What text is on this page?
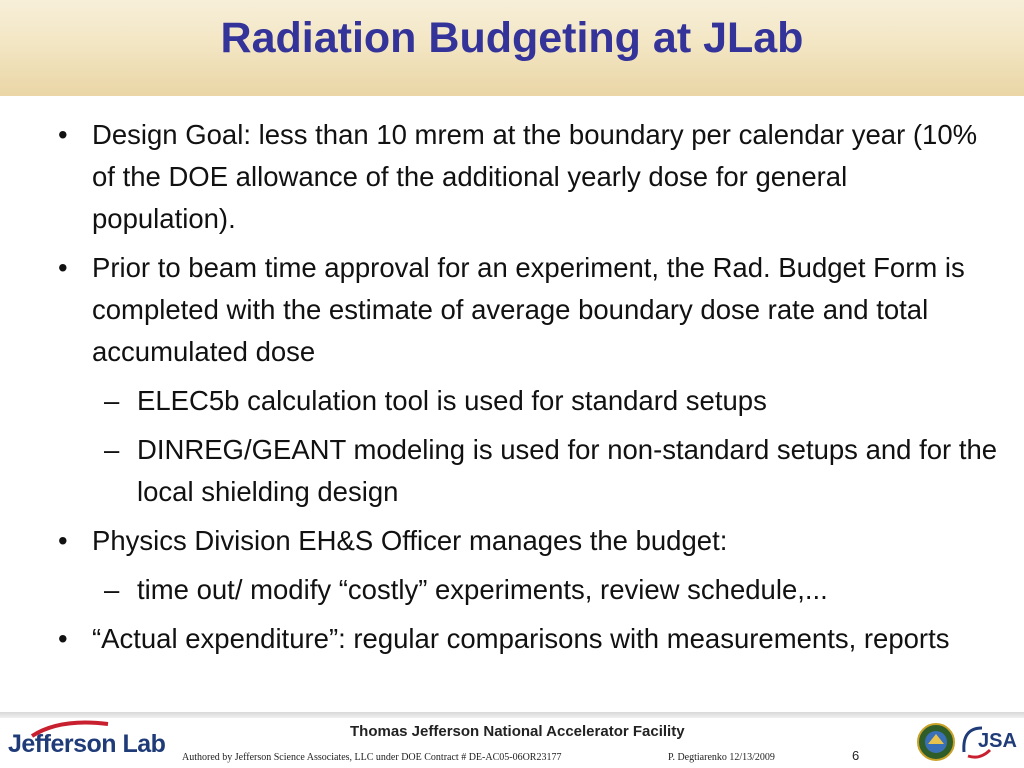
Radiation Budgeting at JLab
• Design Goal: less than 10 mrem at the boundary per calendar year (10% of the DOE allowance of the additional yearly dose for general population).
• Prior to beam time approval for an experiment, the Rad. Budget Form is completed with the estimate of average boundary dose rate and total accumulated dose
– ELEC5b calculation tool is used for standard setups
– DINREG/GEANT modeling is used for non-standard setups and for the local shielding design
• Physics Division EH&S Officer manages the budget:
– time out/ modify “costly” experiments, review schedule,...
• “Actual expenditure”: regular comparisons with measurements, reports
Jefferson Lab	Thomas Jefferson National Accelerator Facility
Authored by Jefferson Science Associates, LLC under DOE Contract # DE-AC05-06OR23177	P. Degtiarenko 12/13/2009	6
JSA
